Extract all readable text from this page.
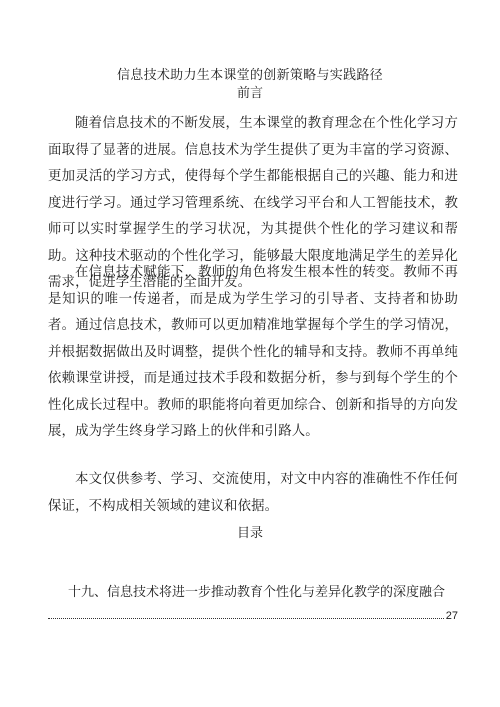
信息技术助力生本课堂的创新策略与实践路径
前言

随着信息技术的不断发展，生本课堂的教育理念在个性化学习方面取得了显著的进展。信息技术为学生提供了更为丰富的学习资源、更加灵活的学习方式，使得每个学生都能根据自己的兴趣、能力和进度进行学习。通过学习管理系统、在线学习平台和人工智能技术，教师可以实时掌握学生的学习状况，为其提供个性化的学习建议和帮助。这种技术驱动的个性化学习，能够最大限度地满足学生的差异化需求，促进学生潜能的全面开发。

在信息技术赋能下，教师的角色将发生根本性的转变。教师不再是知识的唯一传递者，而是成为学生学习的引导者、支持者和协助者。通过信息技术，教师可以更加精准地掌握每个学生的学习情况，并根据数据做出及时调整，提供个性化的辅导和支持。教师不再单纯依赖课堂讲授，而是通过技术手段和数据分析，参与到每个学生的个性化成长过程中。教师的职能将向着更加综合、创新和指导的方向发展，成为学生终身学习路上的伙伴和引路人。

本文仅供参考、学习、交流使用，对文中内容的准确性不作任何保证，不构成相关领域的建议和依据。

目录
十九、信息技术将进一步推动教育个性化与差异化教学的深度融合
27
